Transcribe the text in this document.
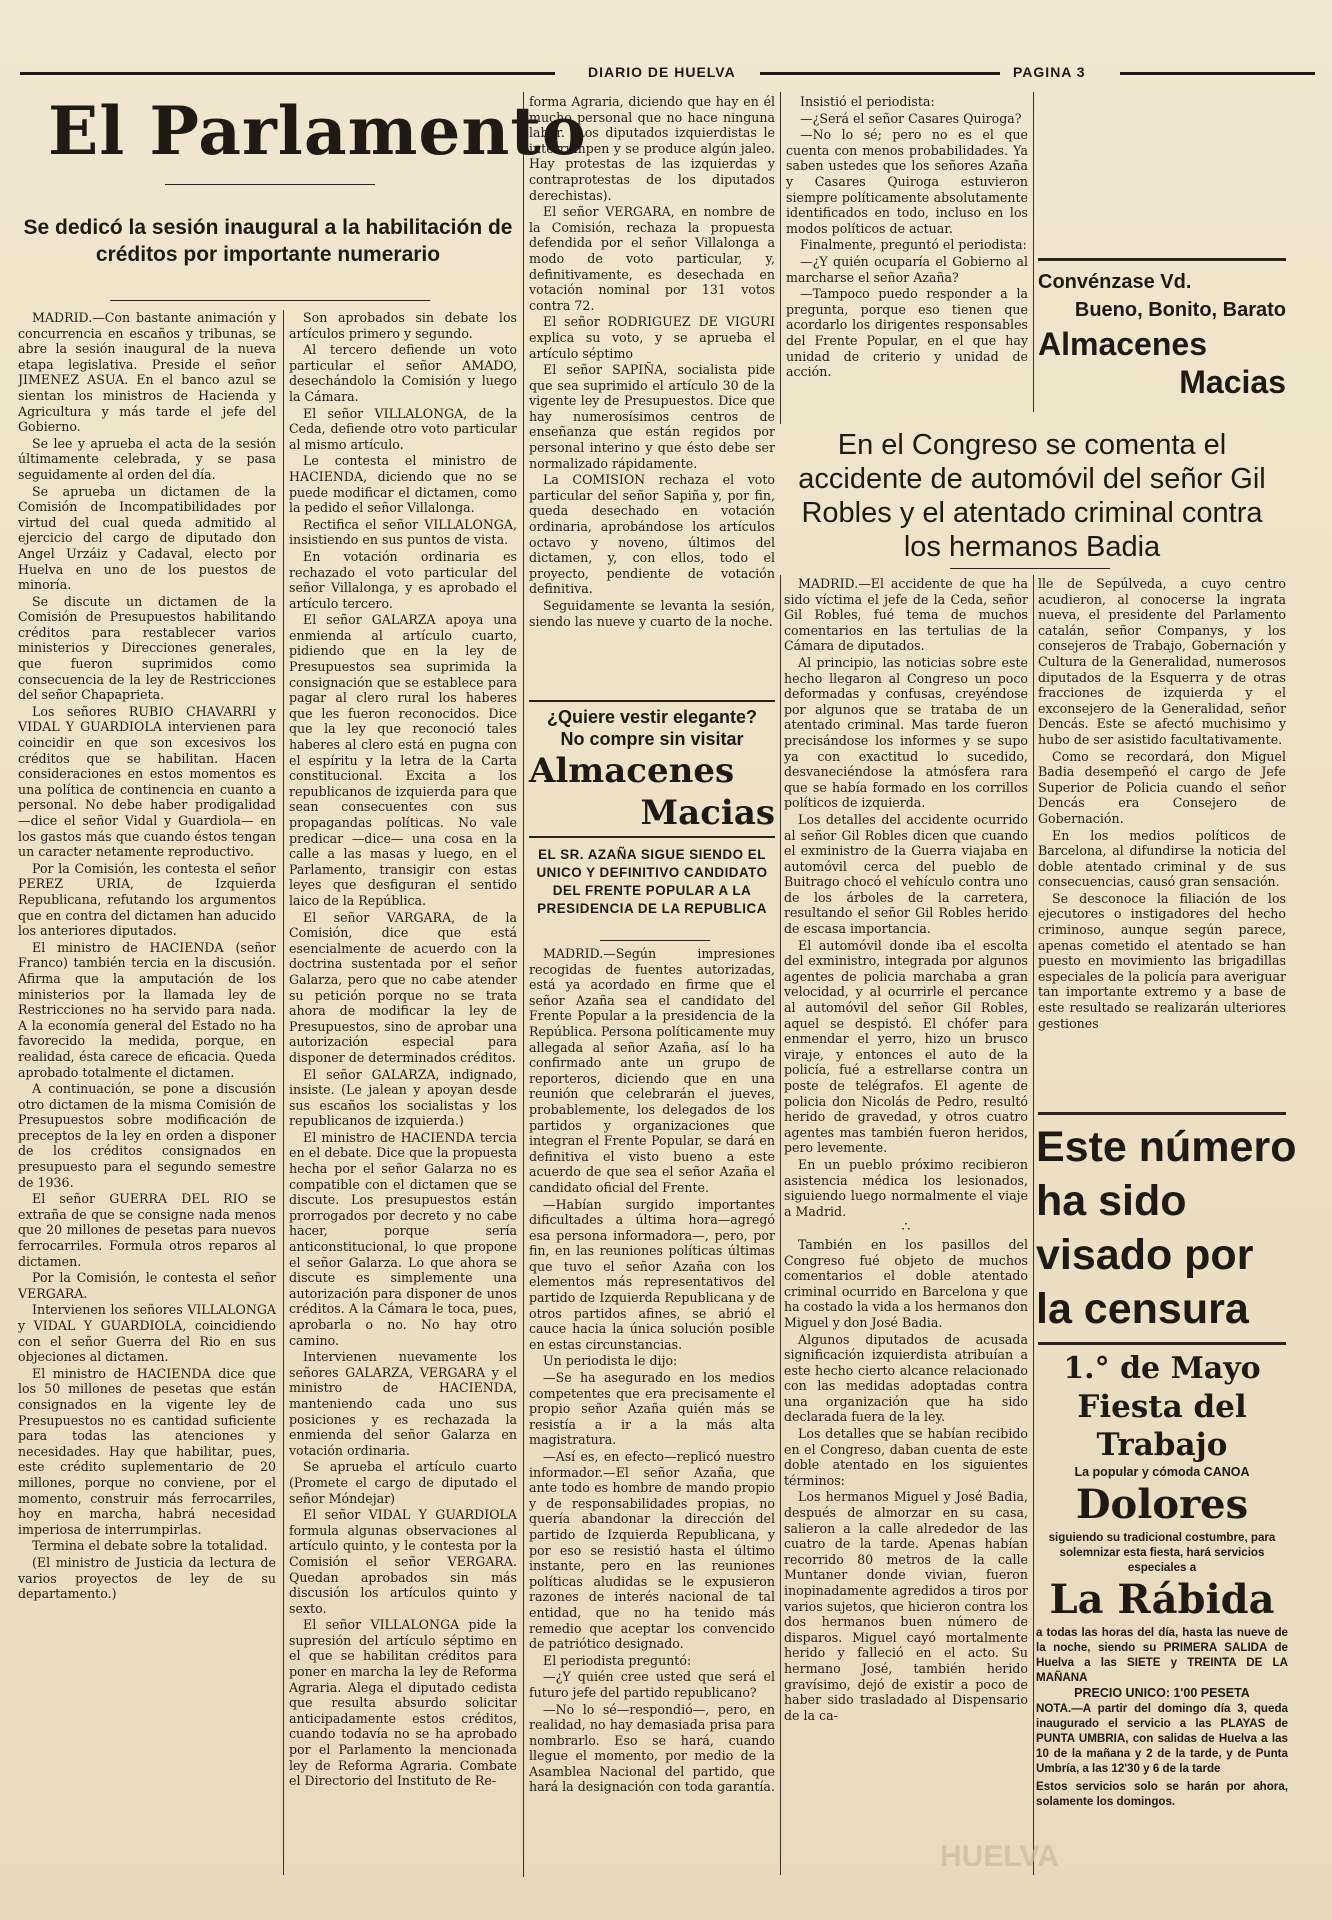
DIARIO DE HUELVA	PAGINA 3
El Parlamento
Se dedicó la sesión inaugural a la habilitación de créditos por importante numerario

MADRID.—Con bastante animación y concurrencia en escaños y tribunas, se abre la sesión inaugural de la nueva etapa legislativa. Preside el señor JIMENEZ ASUA. En el banco azul se sientan los ministros de Hacienda y Agricultura y más tarde el jefe del Gobierno.

Se lee y aprueba el acta de la sesión últimamente celebrada, y se pasa seguidamente al orden del día.

Se aprueba un dictamen de la Comisión de Incompatibilidades por virtud del cual queda admitido al ejercicio del cargo de diputado don Angel Urzáiz y Cadaval, electo por Huelva en uno de los puestos de minoría.

Se discute un dictamen de la Comisión de Presupuestos habilitando créditos para restablecer varios ministerios y Direcciones generales, que fueron suprimidos como consecuencia de la ley de Restricciones del señor Chapaprieta.

Los señores RUBIO CHAVARRI y VIDAL Y GUARDIOLA intervienen para coincidir en que son excesivos los créditos que se habilitan. Hacen consideraciones en estos momentos es una política de continencia en cuanto a personal. No debe haber prodigalidad —dice el señor Vidal y Guardiola— en los gastos más que cuando éstos tengan un caracter netamente reproductivo.

Por la Comisión, les contesta el señor PEREZ URIA, de Izquierda Republicana, refutando los argumentos que en contra del dictamen han aducido los anteriores diputados.

El ministro de HACIENDA (señor Franco) también tercia en la discusión. Afirma que la amputación de los ministerios por la llamada ley de Restricciones no ha servido para nada. A la economía general del Estado no ha favorecido la medida, porque, en realidad, ésta carece de eficacia. Queda aprobado totalmente el dictamen.

A continuación, se pone a discusión otro dictamen de la misma Comisión de Presupuestos sobre modificación de preceptos de la ley en orden a disponer de los créditos consignados en presupuesto para el segundo semestre de 1936.

El señor GUERRA DEL RIO se extraña de que se consigne nada menos que 20 millones de pesetas para nuevos ferrocarriles. Formula otros reparos al dictamen.

Por la Comisión, le contesta el señor VERGARA.

Intervienen los señores VILLALONGA y VIDAL Y GUARDIOLA, coincidiendo con el señor Guerra del Rio en sus objeciones al dictamen.

El ministro de HACIENDA dice que los 50 millones de pesetas que están consignados en la vigente ley de Presupuestos no es cantidad suficiente para todas las atenciones y necesidades. Hay que habilitar, pues, este crédito suplementario de 20 millones, porque no conviene, por el momento, construir más ferrocarriles, hoy en marcha, habrá necesidad imperiosa de interrumpirlas.

Termina el debate sobre la totalidad.

(El ministro de Justicia da lectura de varios proyectos de ley de su departamento.)

Son aprobados sin debate los artículos primero y segundo.

Al tercero defiende un voto particular el señor AMADO, desechándolo la Comisión y luego la Cámara.

El señor VILLALONGA, de la Ceda, defiende otro voto particular al mismo artículo.

Le contesta el ministro de HACIENDA, diciendo que no se puede modificar el dictamen, como la pedido el señor Villalonga.

Rectifica el señor VILLALONGA, insistiendo en sus puntos de vista.

En votación ordinaria es rechazado el voto particular del señor Villalonga, y es aprobado el artículo tercero.

El señor GALARZA apoya una enmienda al artículo cuarto, pidiendo que en la ley de Presupuestos sea suprimida la consignación que se establece para pagar al clero rural los haberes que les fueron reconocidos. Dice que la ley que reconoció tales haberes al clero está en pugna con el espíritu y la letra de la Carta constitucional. Excita a los republicanos de izquierda para que sean consecuentes con sus propagandas políticas. No vale predicar —dice— una cosa en la calle a las masas y luego, en el Parlamento, transigir con estas leyes que desfiguran el sentido laico de la República.

El señor VARGARA, de la Comisión, dice que está esencialmente de acuerdo con la doctrina sustentada por el señor Galarza, pero que no cabe atender su petición porque no se trata ahora de modificar la ley de Presupuestos, sino de aprobar una autorización especial para disponer de determinados créditos.

El señor GALARZA, indignado, insiste. (Le jalean y apoyan desde sus escaños los socialistas y los republicanos de izquierda.)

El ministro de HACIENDA tercia en el debate. Dice que la propuesta hecha por el señor Galarza no es compatible con el dictamen que se discute. Los presupuestos están prorrogados por decreto y no cabe hacer, porque sería anticonstitucional, lo que propone el señor Galarza. Lo que ahora se discute es simplemente una autorización para disponer de unos créditos. A la Cámara le toca, pues, aprobarla o no. No hay otro camino.

Intervienen nuevamente los señores GALARZA, VERGARA y el ministro de HACIENDA, manteniendo cada uno sus posiciones y es rechazada la enmienda del señor Galarza en votación ordinaria.

Se aprueba el artículo cuarto (Promete el cargo de diputado el señor Móndejar)

El señor VIDAL Y GUARDIOLA formula algunas observaciones al artículo quinto, y le contesta por la Comisión el señor VERGARA. Quedan aprobados sin más discusión los artículos quinto y sexto.

El señor VILLALONGA pide la supresión del artículo séptimo en el que se habilitan créditos para poner en marcha la ley de Reforma Agraria. Alega el diputado cedista que resulta absurdo solicitar anticipadamente estos créditos, cuando todavía no se ha aprobado por el Parlamento la mencionada ley de Reforma Agraria. Combate el Directorio del Instituto de Re-

forma Agraria, diciendo que hay en él mucho personal que no hace ninguna labor. (Los diputados izquierdistas le interrumpen y se produce algún jaleo. Hay protestas de las izquierdas y contraprotestas de los diputados derechistas).

El señor VERGARA, en nombre de la Comisión, rechaza la propuesta defendida por el señor Villalonga a modo de voto particular, y, definitivamente, es desechada en votación nominal por 131 votos contra 72.

El señor RODRIGUEZ DE VIGURI explica su voto, y se aprueba el artículo séptimo

El señor SAPIÑA, socialista pide que sea suprimido el artículo 30 de la vigente ley de Presupuestos. Dice que hay numerosísimos centros de enseñanza que están regidos por personal interino y que ésto debe ser normalizado rápidamente.

La COMISION rechaza el voto particular del señor Sapiña y, por fin, queda desechado en votación ordinaria, aprobándose los artículos octavo y noveno, últimos del dictamen, y, con ellos, todo el proyecto, pendiente de votación definitiva.

Seguidamente se levanta la sesión, siendo las nueve y cuarto de la noche.

¿Quiere vestir elegante?
No compre sin visitar
Almacenes
Macias
EL SR. AZAÑA SIGUE SIENDO EL UNICO Y DEFINITIVO CANDIDATO DEL FRENTE POPULAR A LA PRESIDENCIA DE LA REPUBLICA

MADRID.—Según impresiones recogidas de fuentes autorizadas, está ya acordado en firme que el señor Azaña sea el candidato del Frente Popular a la presidencia de la República. Persona políticamente muy allegada al señor Azaña, así lo ha confirmado ante un grupo de reporteros, diciendo que en una reunión que celebrarán el jueves, probablemente, los delegados de los partidos y organizaciones que integran el Frente Popular, se dará en definitiva el visto bueno a este acuerdo de que sea el señor Azaña el candidato oficial del Frente.

—Habían surgido importantes dificultades a última hora—agregó esa persona informadora—, pero, por fin, en las reuniones políticas últimas que tuvo el señor Azaña con los elementos más representativos del partido de Izquierda Republicana y de otros partidos afines, se abrió el cauce hacia la única solución posible en estas circunstancias.

Un periodista le dijo:

—Se ha asegurado en los medios competentes que era precisamente el propio señor Azaña quién más se resistía a ir a la más alta magistratura.

—Así es, en efecto—replicó nuestro informador.—El señor Azaña, que ante todo es hombre de mando propio y de responsabilidades propias, no quería abandonar la dirección del partido de Izquierda Republicana, y por eso se resistió hasta el último instante, pero en las reuniones políticas aludidas se le expusieron razones de interés nacional de tal entidad, que no ha tenido más remedio que aceptar los convencido de patriótico designado.

El periodista preguntó:

—¿Y quién cree usted que será el futuro jefe del partido republicano?

—No lo sé—respondió—, pero, en realidad, no hay demasiada prisa para nombrarlo. Eso se hará, cuando llegue el momento, por medio de la Asamblea Nacional del partido, que hará la designación con toda garantía.

Insistió el periodista:

—¿Será el señor Casares Quiroga?

—No lo sé; pero no es el que cuenta con menos probabilidades. Ya saben ustedes que los señores Azaña y Casares Quiroga estuvieron siempre políticamente absolutamente identificados en todo, incluso en los modos políticos de actuar.

Finalmente, preguntó el periodista:

—¿Y quién ocuparía el Gobierno al marcharse el señor Azaña?

—Tampoco puedo responder a la pregunta, porque eso tienen que acordarlo los dirigentes responsables del Frente Popular, en el que hay unidad de criterio y unidad de acción.

Convénzase Vd.
Bueno, Bonito, Barato
Almacenes
Macias
En el Congreso se comenta el accidente de automóvil del señor Gil Robles y el atentado criminal contra los hermanos Badia

MADRID.—El accidente de que ha sido víctima el jefe de la Ceda, señor Gil Robles, fué tema de muchos comentarios en las tertulias de la Cámara de diputados.

Al principio, las noticias sobre este hecho llegaron al Congreso un poco deformadas y confusas, creyéndose por algunos que se trataba de un atentado criminal. Mas tarde fueron precisándose los informes y se supo ya con exactitud lo sucedido, desvaneciéndose la atmósfera rara que se había formado en los corrillos políticos de izquierda.

Los detalles del accidente ocurrido al señor Gil Robles dicen que cuando el exministro de la Guerra viajaba en automóvil cerca del pueblo de Buitrago chocó el vehículo contra uno de los árboles de la carretera, resultando el señor Gil Robles herido de escasa importancia.

El automóvil donde iba el escolta del exministro, integrada por algunos agentes de policia marchaba a gran velocidad, y al ocurrirle el percance al automóvil del señor Gil Robles, aquel se despistó. El chófer para enmendar el yerro, hizo un brusco viraje, y entonces el auto de la policía, fué a estrellarse contra un poste de telégrafos. El agente de policia don Nicolás de Pedro, resultó herido de gravedad, y otros cuatro agentes mas también fueron heridos, pero levemente.

En un pueblo próximo recibieron asistencia médica los lesionados, siguiendo luego normalmente el viaje a Madrid.

∴

También en los pasillos del Congreso fué objeto de muchos comentarios el doble atentado criminal ocurrido en Barcelona y que ha costado la vida a los hermanos don Miguel y don José Badia.

Algunos diputados de acusada significación izquierdista atribuían a este hecho cierto alcance relacionado con las medidas adoptadas contra una organización que ha sido declarada fuera de la ley.

Los detalles que se habían recibido en el Congreso, daban cuenta de este doble atentado en los siguientes términos:

Los hermanos Miguel y José Badia, después de almorzar en su casa, salieron a la calle alrededor de las cuatro de la tarde. Apenas habían recorrido 80 metros de la calle Muntaner donde vivian, fueron inopinadamente agredidos a tiros por varios sujetos, que hicieron contra los dos hermanos buen número de disparos. Miguel cayó mortalmente herido y falleció en el acto. Su hermano José, también herido gravísimo, dejó de existir a poco de haber sido trasladado al Dispensario de la ca-

lle de Sepúlveda, a cuyo centro acudieron, al conocerse la ingrata nueva, el presidente del Parlamento catalán, señor Companys, y los consejeros de Trabajo, Gobernación y Cultura de la Generalidad, numerosos diputados de la Esquerra y de otras fracciones de izquierda y el exconsejero de la Generalidad, señor Dencás. Este se afectó muchisimo y hubo de ser asistido facultativamente.

Como se recordará, don Miguel Badia desempeñó el cargo de Jefe Superior de Policia cuando el señor Dencás era Consejero de Gobernación.

En los medios políticos de Barcelona, al difundirse la noticia del doble atentado criminal y de sus consecuencias, causó gran sensación.

Se desconoce la filiación de los ejecutores o instigadores del hecho criminoso, aunque según parece, apenas cometido el atentado se han puesto en movimiento las brigadillas especiales de la policía para averiguar tan importante extremo y a base de este resultado se realizarán ulteriores gestiones

Este número ha sido visado por la censura
1.° de Mayo
Fiesta del Trabajo
La popular y cómoda CANOA
Dolores
siguiendo su tradicional costumbre, para solemnizar esta fiesta, hará servicios especiales a
La Rábida
a todas las horas del día, hasta las nueve de la noche, siendo su PRIMERA SALIDA de Huelva a las SIETE y TREINTA DE LA MAÑANA
PRECIO UNICO: 1'00 PESETA
NOTA.—A partir del domingo día 3, queda inaugurado el servicio a las PLAYAS de PUNTA UMBRIA, con salidas de Huelva a las 10 de la mañana y 2 de la tarde, y de Punta Umbría, a las 12'30 y 6 de la tarde
Estos servicios solo se harán por ahora, solamente los domingos.
HUELVA
